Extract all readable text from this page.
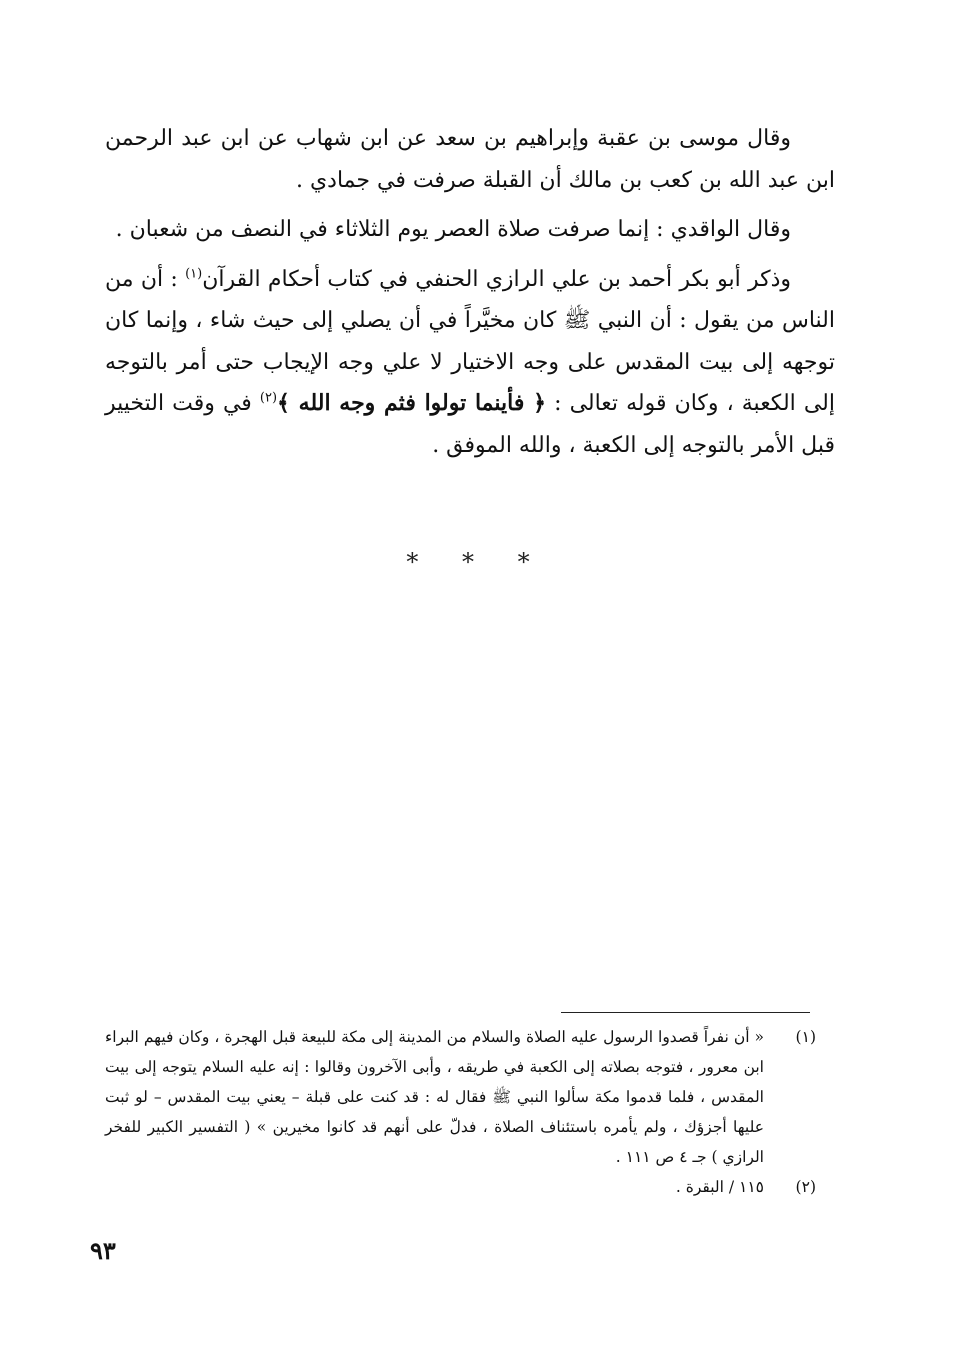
وقال موسى بن عقبة وإبراهيم بن سعد عن ابن شهاب عن ابن عبد الرحمن ابن عبد الله بن كعب بن مالك أن القبلة صرفت في جمادي .

وقال الواقدي : إنما صرفت صلاة العصر يوم الثلاثاء في النصف من شعبان .

وذكر أبو بكر أحمد بن علي الرازي الحنفي في كتاب أحكام القرآن$^{(١)}$ : أن من الناس من يقول : أن النبي ﷺ كان مخيَّراً في أن يصلي إلى حيث شاء ، وإنما كان توجهه إلى بيت المقدس على وجه الاختيار لا علي وجه الإيجاب حتى أمر بالتوجه إلى الكعبة ، وكان قوله تعالى : ﴿ فأينما تولوا فثم وجه الله ﴾$^{(٢)}$ في وقت التخيير قبل الأمر بالتوجه إلى الكعبة ، والله الموفق .

* * *
(١)
« أن نفراً قصدوا الرسول عليه الصلاة والسلام من المدينة إلى مكة للبيعة قبل الهجرة ، وكان فيهم البراء ابن معرور ، فتوجه بصلاته إلى الكعبة في طريقه ، وأبى الآخرون وقالوا : إنه عليه السلام يتوجه إلى بيت المقدس ، فلما قدموا مكة سألوا النبي ﷺ فقال له : قد كنت على قبلة – يعني بيت المقدس – لو ثبت عليها أجزؤك ، ولم يأمره باستئناف الصلاة ، فدلّ على أنهم قد كانوا مخيرين » ( التفسير الكبير للفخر الرازي ) جـ ٤ ص ١١١ .
(٢)
١١٥ / البقرة .
٩٣
